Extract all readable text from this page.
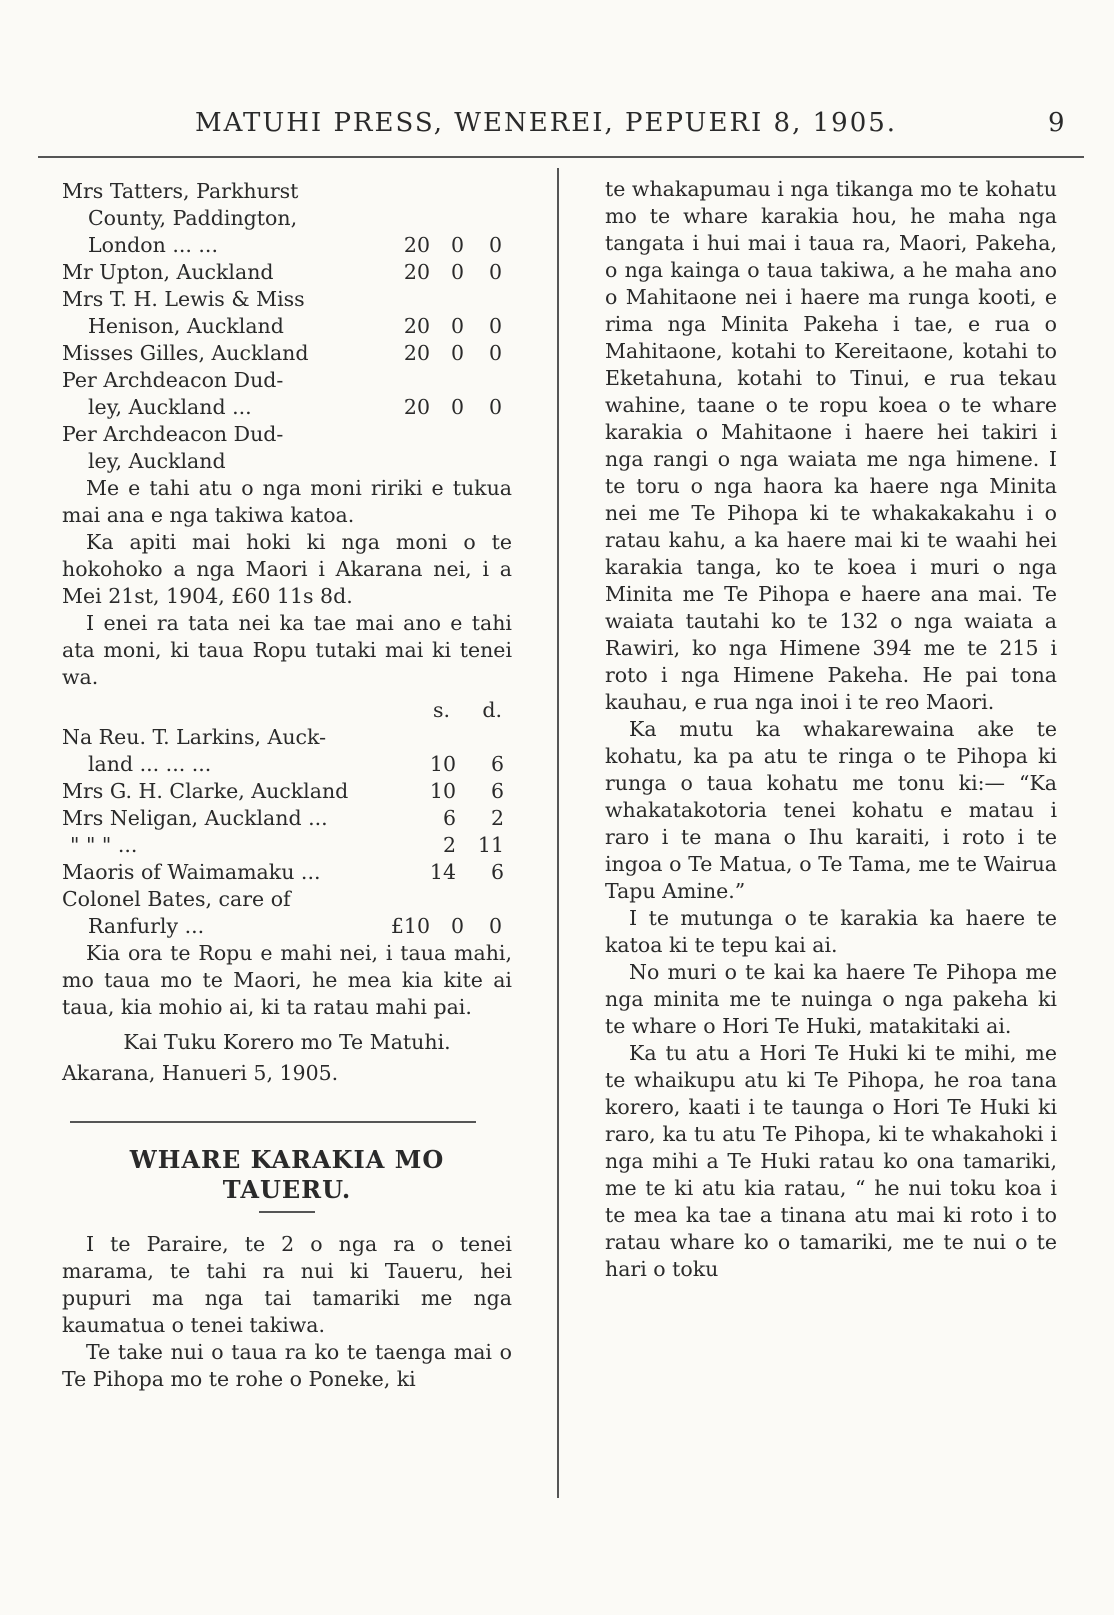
MATUHI PRESS, WENEREI, PEPUERI 8, 1905.	9
Mrs Tatters, Parkhurst
County, Paddington,
London ... ...	20 0 0
Mr Upton, Auckland	20 0 0
Mrs T. H. Lewis & Miss
Henison, Auckland	20 0 0
Misses Gilles, Auckland	20 0 0
Per Archdeacon Dud-
ley, Auckland ...	20 0 0
Per Archdeacon Dud-
ley, Auckland

Me e tahi atu o nga moni ririki e tukua mai ana e nga takiwa katoa.

Ka apiti mai hoki ki nga moni o te hokohoko a nga Maori i Akarana nei, i a Mei 21st, 1904, £60 11s 8d.

I enei ra tata nei ka tae mai ano e tahi ata moni, ki taua Ropu tutaki mai ki tenei wa.

s. d.
Na Reu. T. Larkins, Auck-
land ... ... ...	10 6
Mrs G. H. Clarke, Auckland	10 6
Mrs Neligan, Auckland ...	6 2
" " " ...	2 11
Maoris of Waimamaku ...	14 6
Colonel Bates, care of
Ranfurly ...	£10 0 0

Kia ora te Ropu e mahi nei, i taua mahi, mo taua mo te Maori, he mea kia kite ai taua, kia mohio ai, ki ta ratau mahi pai.

Kai Tuku Korero mo Te Matuhi.

Akarana, Hanueri 5, 1905.

WHARE KARAKIA MO TAUERU.

I te Paraire, te 2 o nga ra o tenei marama, te tahi ra nui ki Taueru, hei pupuri ma nga tai tamariki me nga kaumatua o tenei takiwa.

Te take nui o taua ra ko te taenga mai o Te Pihopa mo te rohe o Poneke, ki

te whakapumau i nga tikanga mo te kohatu mo te whare karakia hou, he maha nga tangata i hui mai i taua ra, Maori, Pakeha, o nga kainga o taua takiwa, a he maha ano o Mahitaone nei i haere ma runga kooti, e rima nga Minita Pakeha i tae, e rua o Mahitaone, kotahi to Kereitaone, kotahi to Eketahuna, kotahi to Tinui, e rua tekau wahine, taane o te ropu koea o te whare karakia o Mahitaone i haere hei takiri i nga rangi o nga waiata me nga himene. I te toru o nga haora ka haere nga Minita nei me Te Pihopa ki te whakakakahu i o ratau kahu, a ka haere mai ki te waahi hei karakia tanga, ko te koea i muri o nga Minita me Te Pihopa e haere ana mai. Te waiata tautahi ko te 132 o nga waiata a Rawiri, ko nga Himene 394 me te 215 i roto i nga Himene Pakeha. He pai tona kauhau, e rua nga inoi i te reo Maori.

Ka mutu ka whakarewaina ake te kohatu, ka pa atu te ringa o te Pihopa ki runga o taua kohatu me tonu ki:— “Ka whakatakotoria tenei kohatu e matau i raro i te mana o Ihu karaiti, i roto i te ingoa o Te Matua, o Te Tama, me te Wairua Tapu Amine.”

I te mutunga o te karakia ka haere te katoa ki te tepu kai ai.

No muri o te kai ka haere Te Pihopa me nga minita me te nuinga o nga pakeha ki te whare o Hori Te Huki, matakitaki ai.

Ka tu atu a Hori Te Huki ki te mihi, me te whaikupu atu ki Te Pihopa, he roa tana korero, kaati i te taunga o Hori Te Huki ki raro, ka tu atu Te Pihopa, ki te whakahoki i nga mihi a Te Huki ratau ko ona tamariki, me te ki atu kia ratau, “ he nui toku koa i te mea ka tae a tinana atu mai ki roto i to ratau whare ko o tamariki, me te nui o te hari o toku
